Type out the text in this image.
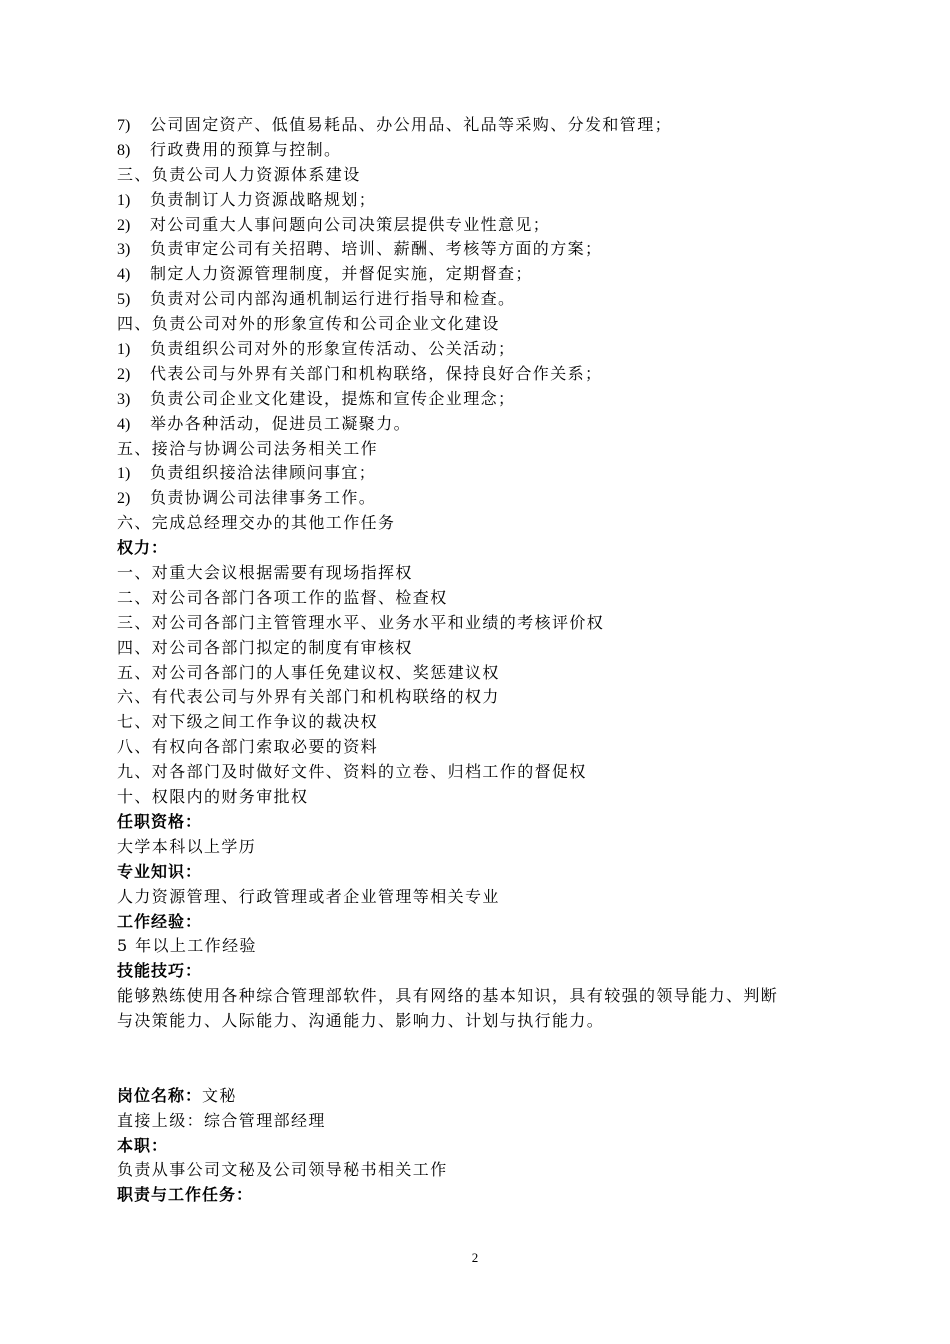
7) 公司固定资产、低值易耗品、办公用品、礼品等采购、分发和管理；
8) 行政费用的预算与控制。
三、负责公司人力资源体系建设
1) 负责制订人力资源战略规划；
2) 对公司重大人事问题向公司决策层提供专业性意见；
3) 负责审定公司有关招聘、培训、薪酬、考核等方面的方案；
4) 制定人力资源管理制度，并督促实施，定期督查；
5) 负责对公司内部沟通机制运行进行指导和检查。
四、负责公司对外的形象宣传和公司企业文化建设
1) 负责组织公司对外的形象宣传活动、公关活动；
2) 代表公司与外界有关部门和机构联络，保持良好合作关系；
3) 负责公司企业文化建设，提炼和宣传企业理念；
4) 举办各种活动，促进员工凝聚力。
五、接洽与协调公司法务相关工作
1) 负责组织接洽法律顾问事宜；
2) 负责协调公司法律事务工作。
六、完成总经理交办的其他工作任务
权力：
一、对重大会议根据需要有现场指挥权
二、对公司各部门各项工作的监督、检查权
三、对公司各部门主管管理水平、业务水平和业绩的考核评价权
四、对公司各部门拟定的制度有审核权
五、对公司各部门的人事任免建议权、奖惩建议权
六、有代表公司与外界有关部门和机构联络的权力
七、对下级之间工作争议的裁决权
八、有权向各部门索取必要的资料
九、对各部门及时做好文件、资料的立卷、归档工作的督促权
十、权限内的财务审批权
任职资格：
大学本科以上学历
专业知识：
人力资源管理、行政管理或者企业管理等相关专业
工作经验：
5 年以上工作经验
技能技巧：
能够熟练使用各种综合管理部软件，具有网络的基本知识，具有较强的领导能力、判断
与决策能力、人际能力、沟通能力、影响力、计划与执行能力。
岗位名称：文秘
直接上级：综合管理部经理
本职：
负责从事公司文秘及公司领导秘书相关工作
职责与工作任务：
2
